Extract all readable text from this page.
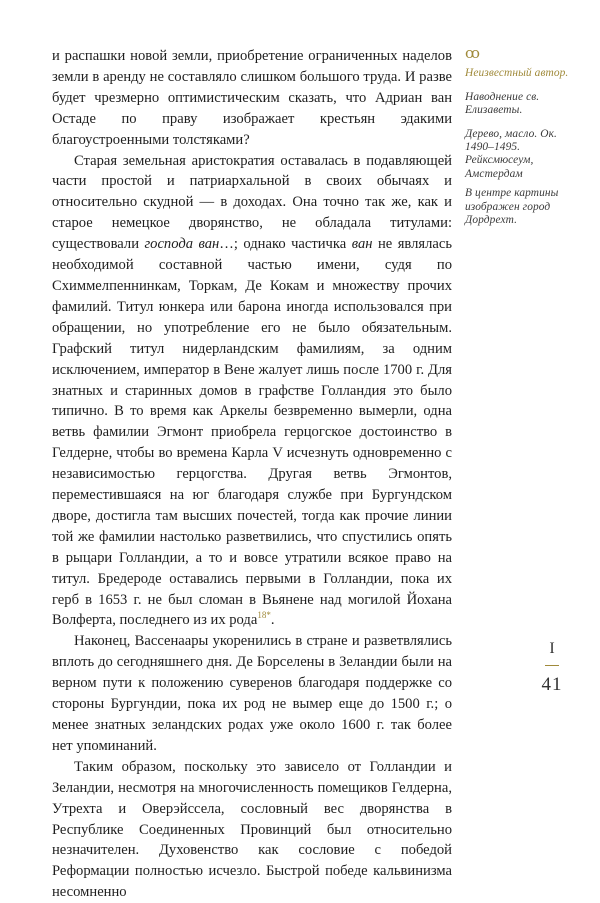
ꝏ
Неизвестный автор.
Наводнение св. Елизаветы.
Дерево, масло. Ок. 1490–1495. Рейксмюсеум, Амстердам
В центре картины изображен город Дордрехт.

и распашки новой земли, приобретение ограниченных наделов земли в аренду не составляло слишком большого труда. И разве будет чрезмерно оптимистическим сказать, что Адриан ван Остаде по праву изображает крестьян эдакими благоустроенными толстяками?

Старая земельная аристократия оставалась в подавляющей части простой и патриархальной в своих обычаях и относительно скудной — в доходах. Она точно так же, как и старое немецкое дворянство, не обладала титулами: существовали господа ван…; однако частичка ван не являлась необходимой составной частью имени, судя по Схиммелпеннинкам, Торкам, Де Кокам и множеству прочих фамилий. Титул юнкера или барона иногда использовался при обращении, но употребление его не было обязательным. Графский титул нидерландским фамилиям, за одним исключением, император в Вене жалует лишь после 1700 г. Для знатных и старинных домов в графстве Голландия это было типично. В то время как Аркелы безвременно вымерли, одна ветвь фамилии Эгмонт приобрела герцогское достоинство в Гелдерне, чтобы во времена Карла V исчезнуть одновременно с независимостью герцогства. Другая ветвь Эгмонтов, переместившаяся на юг благодаря службе при Бургундском дворе, достигла там высших почестей, тогда как прочие линии той же фамилии настолько разветвились, что спустились опять в рыцари Голландии, а то и вовсе утратили всякое право на титул. Бредероде оставались первыми в Голландии, пока их герб в 1653 г. не был сломан в Вьянене над могилой Йохана Волферта, последнего из их рода$^{18*}$.

Наконец, Вассенаары укоренились в стране и разветвлялись вплоть до сегодняшнего дня. Де Борселены в Зеландии были на верном пути к положению суверенов благодаря поддержке со стороны Бургундии, пока их род не вымер еще до 1500 г.; о менее знатных зеландских родах уже около 1600 г. так более нет упоминаний.

Таким образом, поскольку это зависело от Голландии и Зеландии, несмотря на многочисленность помещиков Гелдерна, Утрехта и Оверэйссела, сословный вес дворянства в Республике Соединенных Провинций был относительно незначителен. Духовенство как сословие с победой Реформации полностью исчезло. Быстрой победе кальвинизма несомненно

I
41
